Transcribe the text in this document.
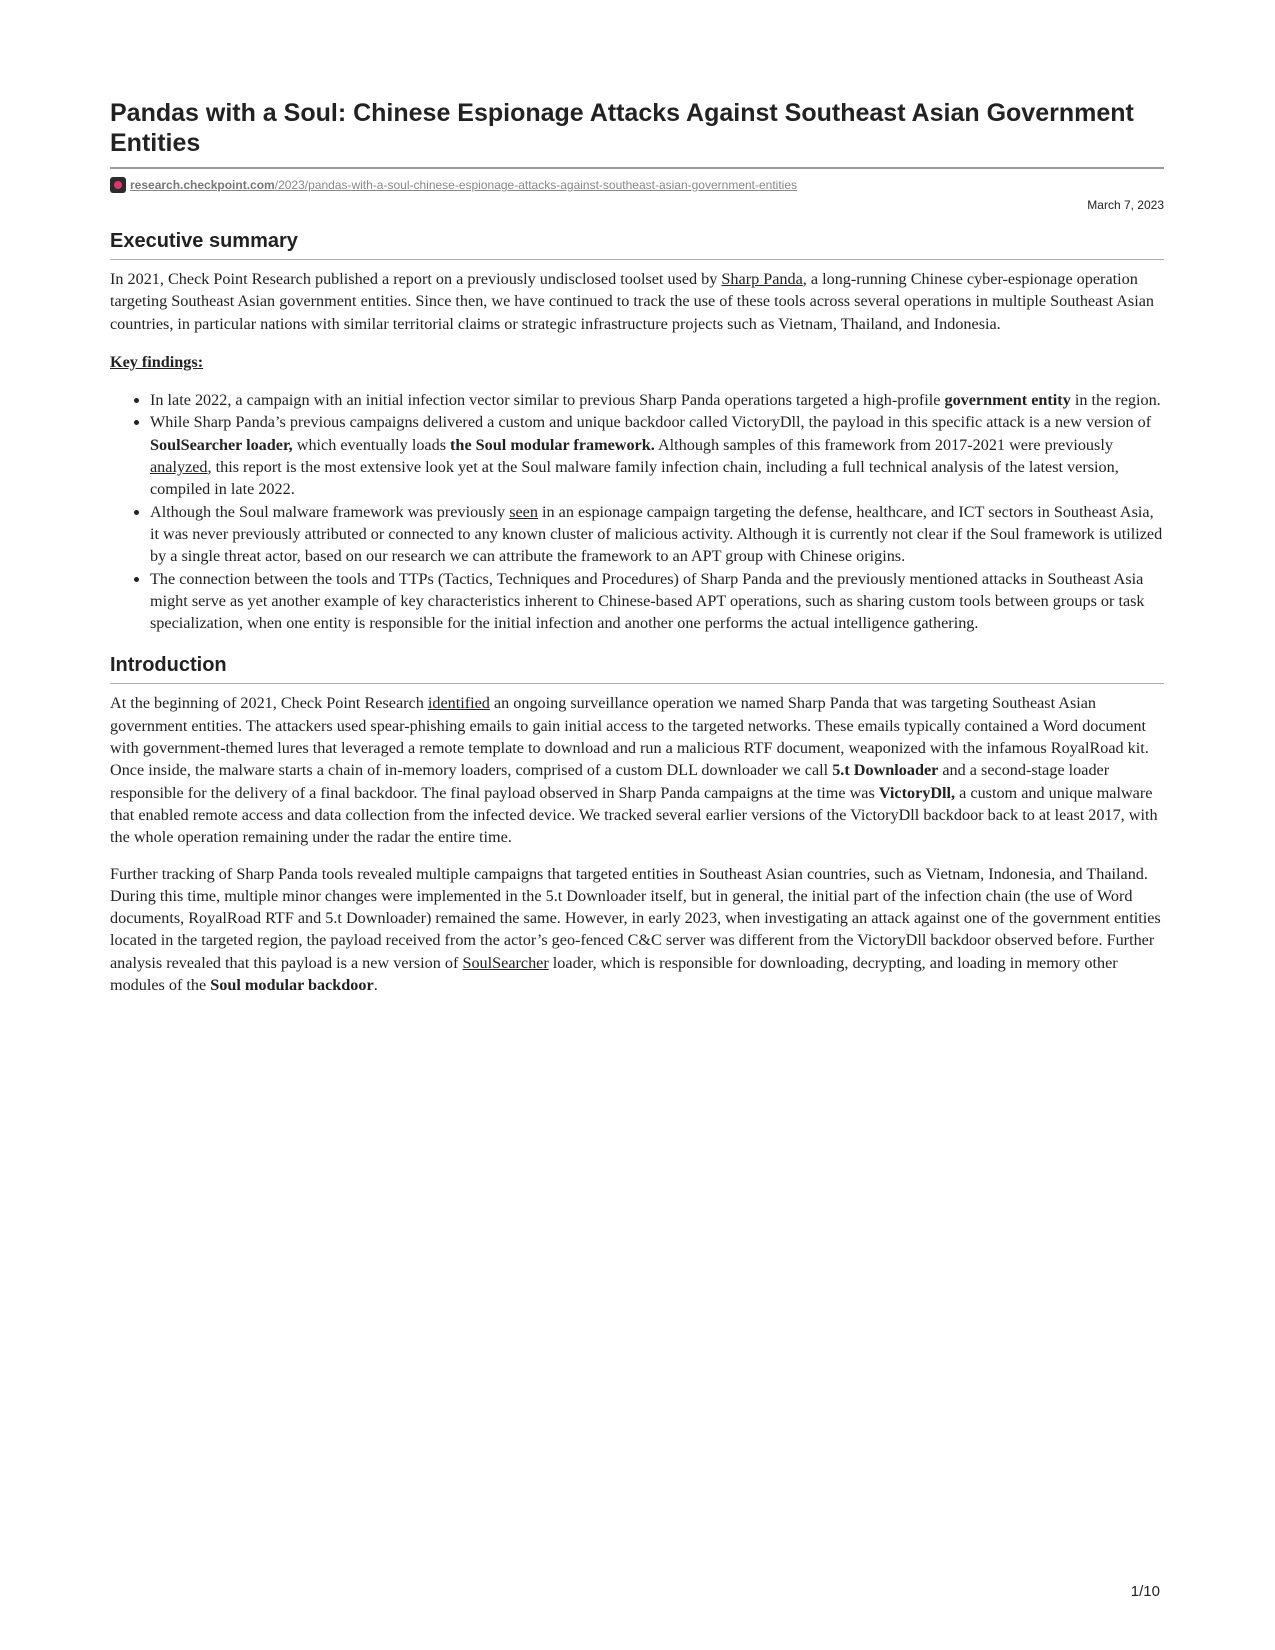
Pandas with a Soul: Chinese Espionage Attacks Against Southeast Asian Government Entities
research.checkpoint.com/2023/pandas-with-a-soul-chinese-espionage-attacks-against-southeast-asian-government-entities
March 7, 2023
Executive summary

In 2021, Check Point Research published a report on a previously undisclosed toolset used by Sharp Panda, a long-running Chinese cyber-espionage operation targeting Southeast Asian government entities. Since then, we have continued to track the use of these tools across several operations in multiple Southeast Asian countries, in particular nations with similar territorial claims or strategic infrastructure projects such as Vietnam, Thailand, and Indonesia.

Key findings:

• In late 2022, a campaign with an initial infection vector similar to previous Sharp Panda operations targeted a high-profile government entity in the region.
• While Sharp Panda’s previous campaigns delivered a custom and unique backdoor called VictoryDll, the payload in this specific attack is a new version of SoulSearcher loader, which eventually loads the Soul modular framework. Although samples of this framework from 2017-2021 were previously analyzed, this report is the most extensive look yet at the Soul malware family infection chain, including a full technical analysis of the latest version, compiled in late 2022.
• Although the Soul malware framework was previously seen in an espionage campaign targeting the defense, healthcare, and ICT sectors in Southeast Asia, it was never previously attributed or connected to any known cluster of malicious activity. Although it is currently not clear if the Soul framework is utilized by a single threat actor, based on our research we can attribute the framework to an APT group with Chinese origins.
• The connection between the tools and TTPs (Tactics, Techniques and Procedures) of Sharp Panda and the previously mentioned attacks in Southeast Asia might serve as yet another example of key characteristics inherent to Chinese-based APT operations, such as sharing custom tools between groups or task specialization, when one entity is responsible for the initial infection and another one performs the actual intelligence gathering.
Introduction

At the beginning of 2021, Check Point Research identified an ongoing surveillance operation we named Sharp Panda that was targeting Southeast Asian government entities. The attackers used spear-phishing emails to gain initial access to the targeted networks. These emails typically contained a Word document with government-themed lures that leveraged a remote template to download and run a malicious RTF document, weaponized with the infamous RoyalRoad kit. Once inside, the malware starts a chain of in-memory loaders, comprised of a custom DLL downloader we call 5.t Downloader and a second-stage loader responsible for the delivery of a final backdoor. The final payload observed in Sharp Panda campaigns at the time was VictoryDll, a custom and unique malware that enabled remote access and data collection from the infected device. We tracked several earlier versions of the VictoryDll backdoor back to at least 2017, with the whole operation remaining under the radar the entire time.

Further tracking of Sharp Panda tools revealed multiple campaigns that targeted entities in Southeast Asian countries, such as Vietnam, Indonesia, and Thailand. During this time, multiple minor changes were implemented in the 5.t Downloader itself, but in general, the initial part of the infection chain (the use of Word documents, RoyalRoad RTF and 5.t Downloader) remained the same. However, in early 2023, when investigating an attack against one of the government entities located in the targeted region, the payload received from the actor’s geo-fenced C&C server was different from the VictoryDll backdoor observed before. Further analysis revealed that this payload is a new version of SoulSearcher loader, which is responsible for downloading, decrypting, and loading in memory other modules of the Soul modular backdoor.

1/10
